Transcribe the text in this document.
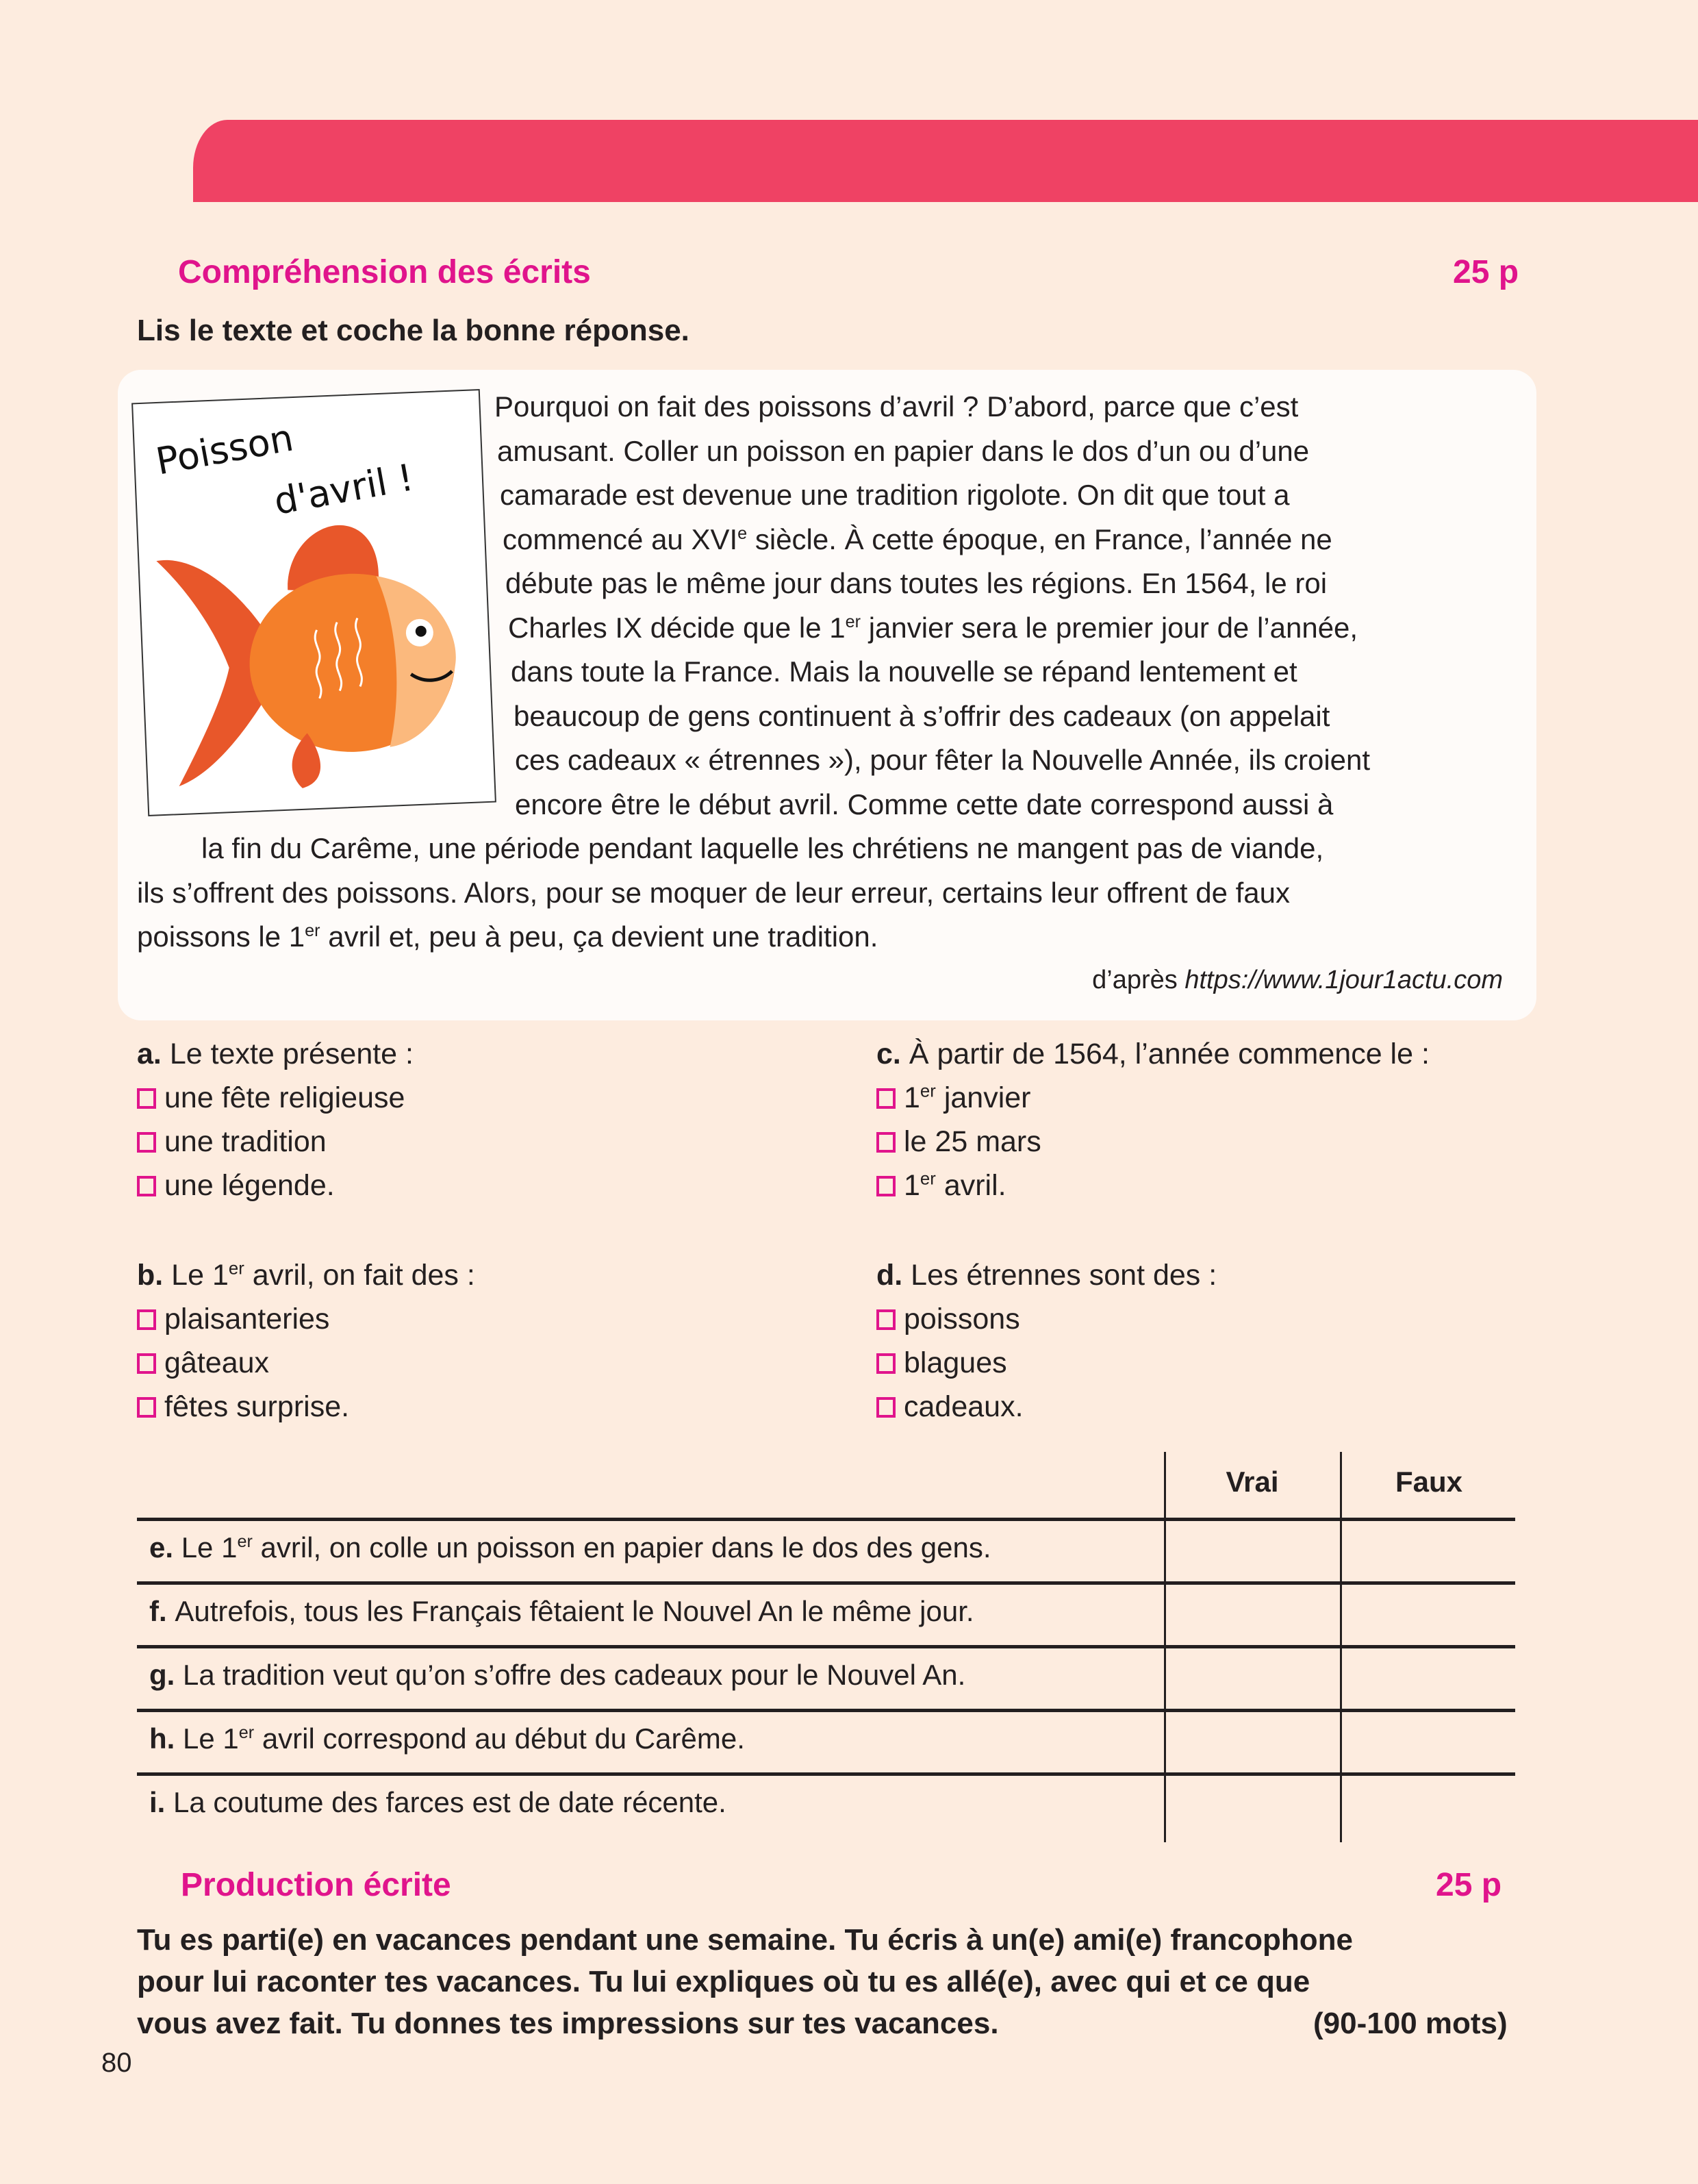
Compréhension des écrits	25 p
Lis le texte et coche la bonne réponse.
Poisson
d'avril !
Pourquoi on fait des poissons d’avril ? D’abord, parce que c’est
amusant. Coller un poisson en papier dans le dos d’un ou d’une
camarade est devenue une tradition rigolote. On dit que tout a
commencé au XVIe siècle. À cette époque, en France, l’année ne
débute pas le même jour dans toutes les régions. En 1564, le roi
Charles IX décide que le 1er janvier sera le premier jour de l’année,
dans toute la France. Mais la nouvelle se répand lentement et
beaucoup de gens continuent à s’offrir des cadeaux (on appelait
ces cadeaux « étrennes »), pour fêter la Nouvelle Année, ils croient
encore être le début avril. Comme cette date correspond aussi à
la fin du Carême, une période pendant laquelle les chrétiens ne mangent pas de viande,
ils s’offrent des poissons. Alors, pour se moquer de leur erreur, certains leur offrent de faux
poissons le 1er avril et, peu à peu, ça devient une tradition.
d’après https://www.1jour1actu.com
a. Le texte présente :
une fête religieuse
une tradition
une légende.
b. Le 1er avril, on fait des :
plaisanteries
gâteaux
fêtes surprise.
c. À partir de 1564, l’année commence le :
1er janvier
le 25 mars
1er avril.
d. Les étrennes sont des :
poissons
blagues
cadeaux.
Vrai	Faux
e. Le 1er avril, on colle un poisson en papier dans le dos des gens.
f. Autrefois, tous les Français fêtaient le Nouvel An le même jour.
g. La tradition veut qu’on s’offre des cadeaux pour le Nouvel An.
h. Le 1er avril correspond au début du Carême.
i. La coutume des farces est de date récente.
Production écrite	25 p
Tu es parti(e) en vacances pendant une semaine. Tu écris à un(e) ami(e) francophone
pour lui raconter tes vacances. Tu lui expliques où tu es allé(e), avec qui et ce que
vous avez fait. Tu donnes tes impressions sur tes vacances.	(90-100 mots)
80
